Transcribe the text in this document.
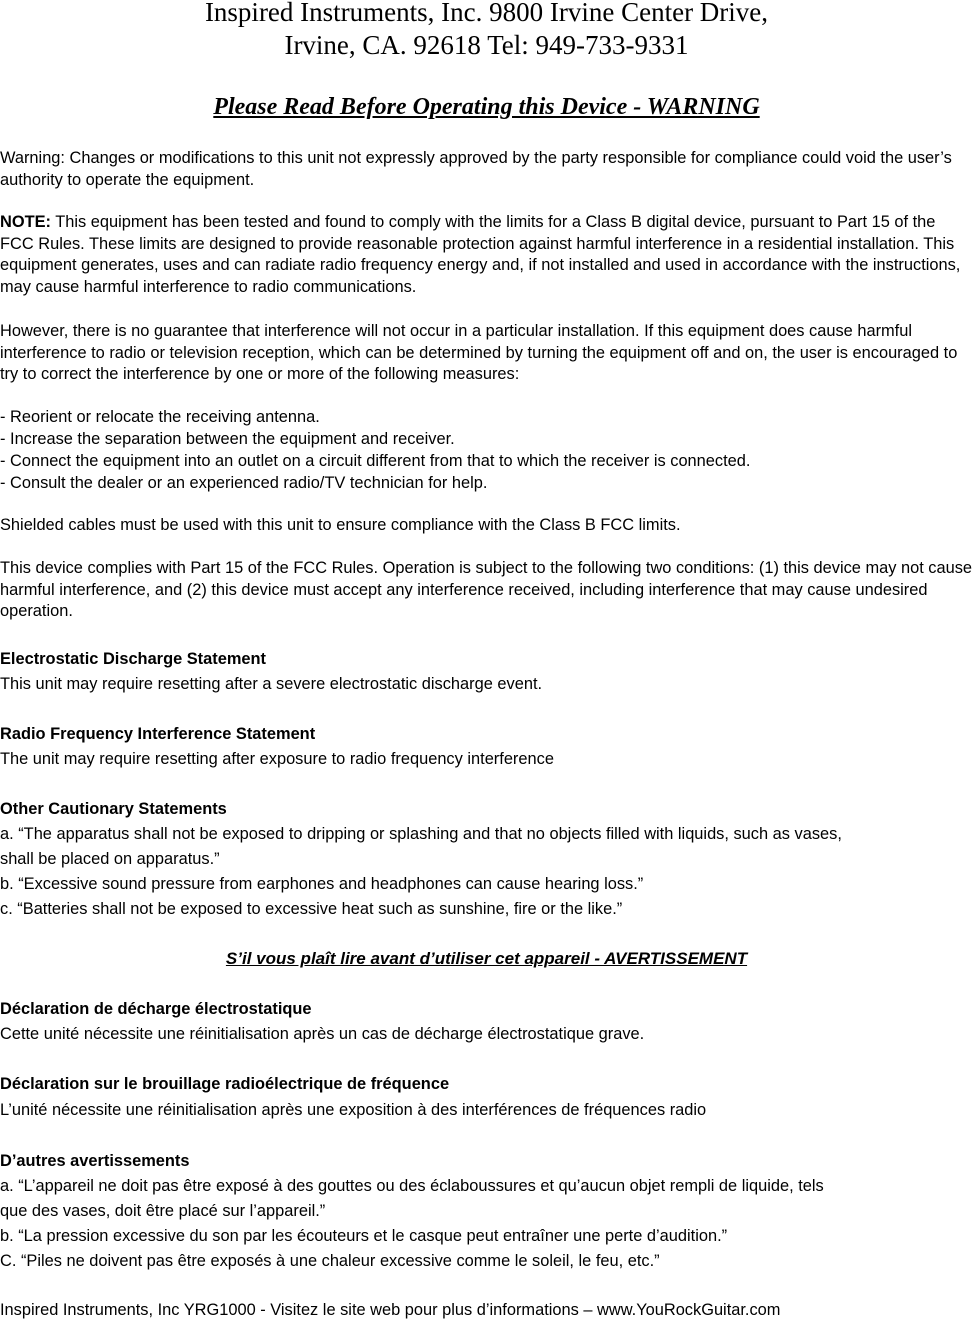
Inspired Instruments, Inc. 9800 Irvine Center Drive,
Irvine, CA. 92618 Tel: 949-733-9331
Please Read Before Operating this Device - WARNING

Warning: Changes or modifications to this unit not expressly approved by the party responsible for compliance could void the user’s authority to operate the equipment.

NOTE: This equipment has been tested and found to comply with the limits for a Class B digital device, pursuant to Part 15 of the FCC Rules. These limits are designed to provide reasonable protection against harmful interference in a residential installation. This equipment generates, uses and can radiate radio frequency energy and, if not installed and used in accordance with the instructions, may cause harmful interference to radio communications.

However, there is no guarantee that interference will not occur in a particular installation. If this equipment does cause harmful interference to radio or television reception, which can be determined by turning the equipment off and on, the user is encouraged to try to correct the interference by one or more of the following measures:

- Reorient or relocate the receiving antenna.
- Increase the separation between the equipment and receiver.
- Connect the equipment into an outlet on a circuit different from that to which the receiver is connected.
- Consult the dealer or an experienced radio/TV technician for help.
Shielded cables must be used with this unit to ensure compliance with the Class B FCC limits.

This device complies with Part 15 of the FCC Rules. Operation is subject to the following two conditions: (1) this device may not cause harmful interference, and (2) this device must accept any interference received, including interference that may cause undesired operation.

Electrostatic Discharge Statement
This unit may require resetting after a severe electrostatic discharge event.
Radio Frequency Interference Statement
The unit may require resetting after exposure to radio frequency interference
Other Cautionary Statements
a. “The apparatus shall not be exposed to dripping or splashing and that no objects filled with liquids, such as vases,
shall be placed on apparatus.”
b. “Excessive sound pressure from earphones and headphones can cause hearing loss.”
c. “Batteries shall not be exposed to excessive heat such as sunshine, fire or the like.”
S’il vous plaît lire avant d’utiliser cet appareil - AVERTISSEMENT
Déclaration de décharge électrostatique
Cette unité nécessite une réinitialisation après un cas de décharge électrostatique grave.
Déclaration sur le brouillage radioélectrique de fréquence
L’unité nécessite une réinitialisation après une exposition à des interférences de fréquences radio
D’autres avertissements
a. “L’appareil ne doit pas être exposé à des gouttes ou des éclaboussures et qu’aucun objet rempli de liquide, tels
que des vases, doit être placé sur l’appareil.”
b. “La pression excessive du son par les écouteurs et le casque peut entraîner une perte d’audition.”
C. “Piles ne doivent pas être exposés à une chaleur excessive comme le soleil, le feu, etc.”
Inspired Instruments, Inc YRG1000 - Visitez le site web pour plus d’informations – www.YouRockGuitar.com
